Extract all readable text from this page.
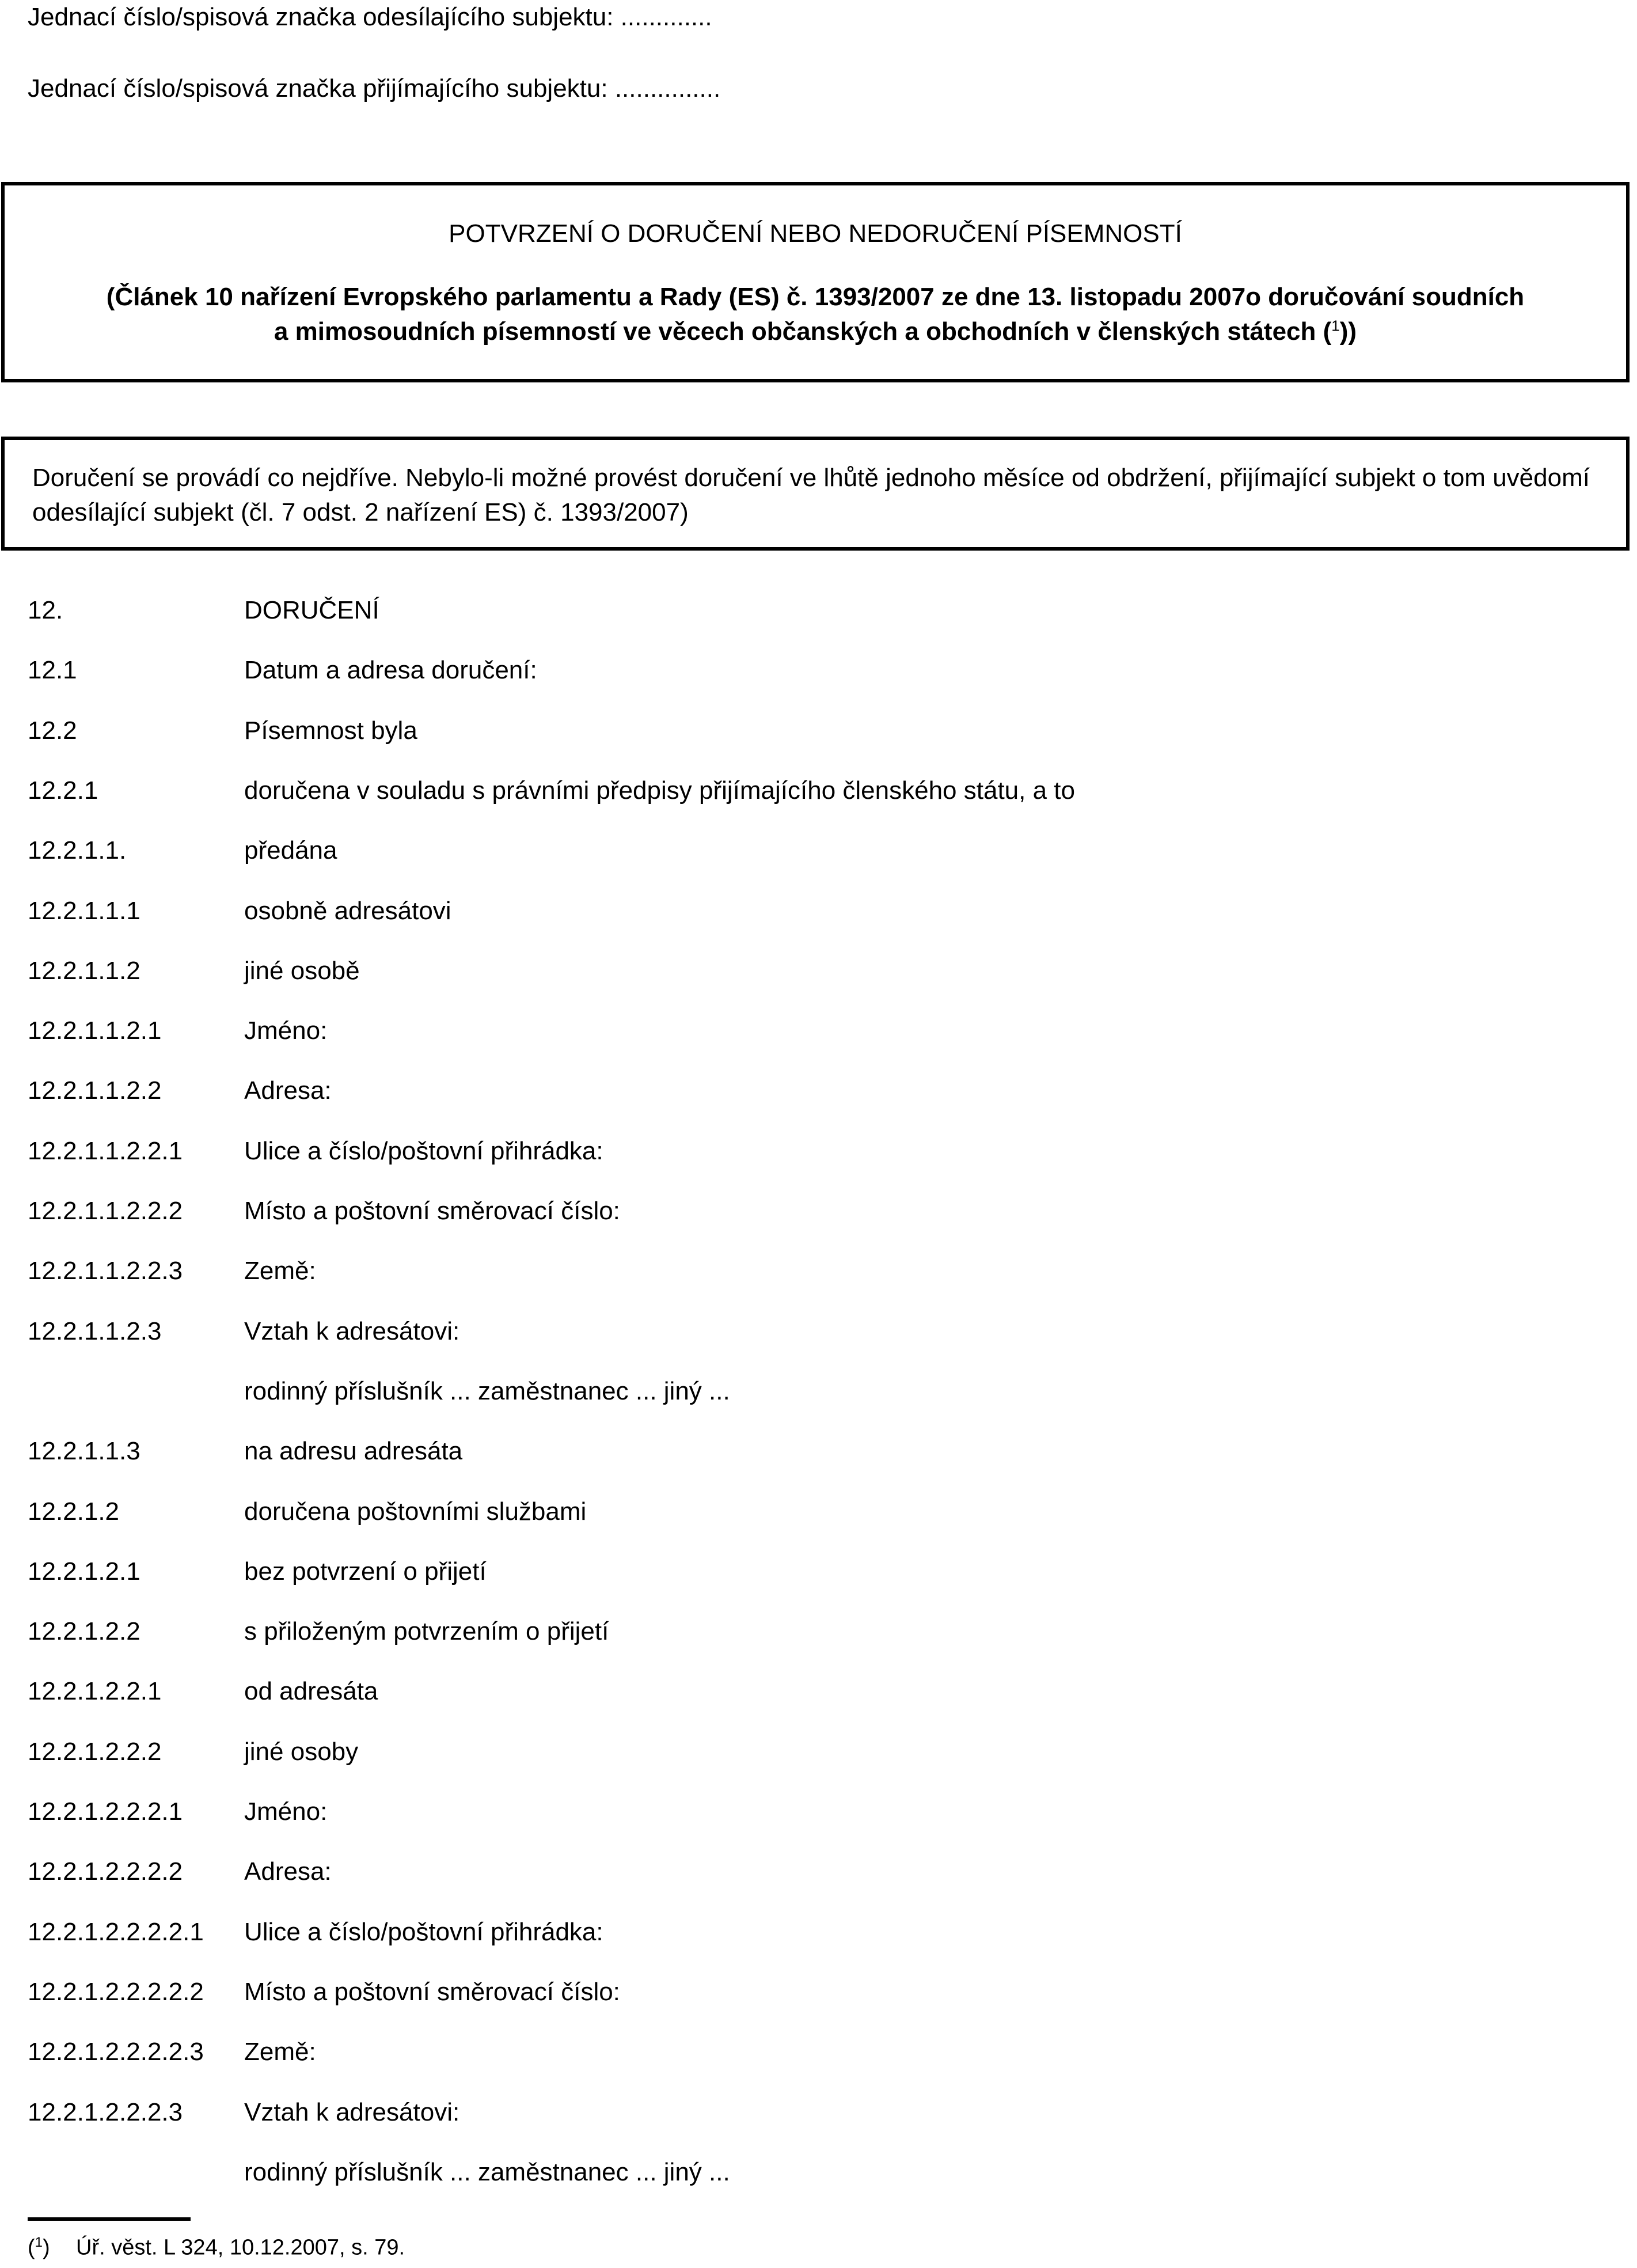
Jednací číslo/spisová značka odesílajícího subjektu: .............
Jednací číslo/spisová značka přijímajícího subjektu: ...............
POTVRZENÍ O DORUČENÍ NEBO NEDORUČENÍ PÍSEMNOSTÍ
(Článek 10 nařízení Evropského parlamentu a Rady (ES) č. 1393/2007 ze dne 13. listopadu 2007o doručování soudních
a mimosoudních písemností ve věcech občanských a obchodních v členských státech ($^1$))
Doručení se provádí co nejdříve. Nebylo-li možné provést doručení ve lhůtě jednoho měsíce od obdržení, přijímající subjekt o tom uvědomí odesílající subjekt (čl. 7 odst. 2 nařízení ES) č. 1393/2007)
12.	DORUČENÍ
12.1	Datum a adresa doručení:
12.2	Písemnost byla
12.2.1	doručena v souladu s právními předpisy přijímajícího členského státu, a to
12.2.1.1.	předána
12.2.1.1.1	osobně adresátovi
12.2.1.1.2	jiné osobě
12.2.1.1.2.1	Jméno:
12.2.1.1.2.2	Adresa:
12.2.1.1.2.2.1 Ulice a číslo/poštovní přihrádka:
12.2.1.1.2.2.2 Místo a poštovní směrovací číslo:
12.2.1.1.2.2.3 Země:
12.2.1.1.2.3	Vztah k adresátovi:
rodinný příslušník ... zaměstnanec ... jiný ...
12.2.1.1.3	na adresu adresáta
12.2.1.2	doručena poštovními službami
12.2.1.2.1	bez potvrzení o přijetí
12.2.1.2.2	s přiloženým potvrzením o přijetí
12.2.1.2.2.1	od adresáta
12.2.1.2.2.2	jiné osoby
12.2.1.2.2.2.1 Jméno:
12.2.1.2.2.2.2 Adresa:
12.2.1.2.2.2.2.1 Ulice a číslo/poštovní přihrádka:
12.2.1.2.2.2.2.2 Místo a poštovní směrovací číslo:
12.2.1.2.2.2.2.3 Země:
12.2.1.2.2.2.3 Vztah k adresátovi:
rodinný příslušník ... zaměstnanec ... jiný ...
($^1$) Úř. věst. L 324, 10.12.2007, s. 79.
